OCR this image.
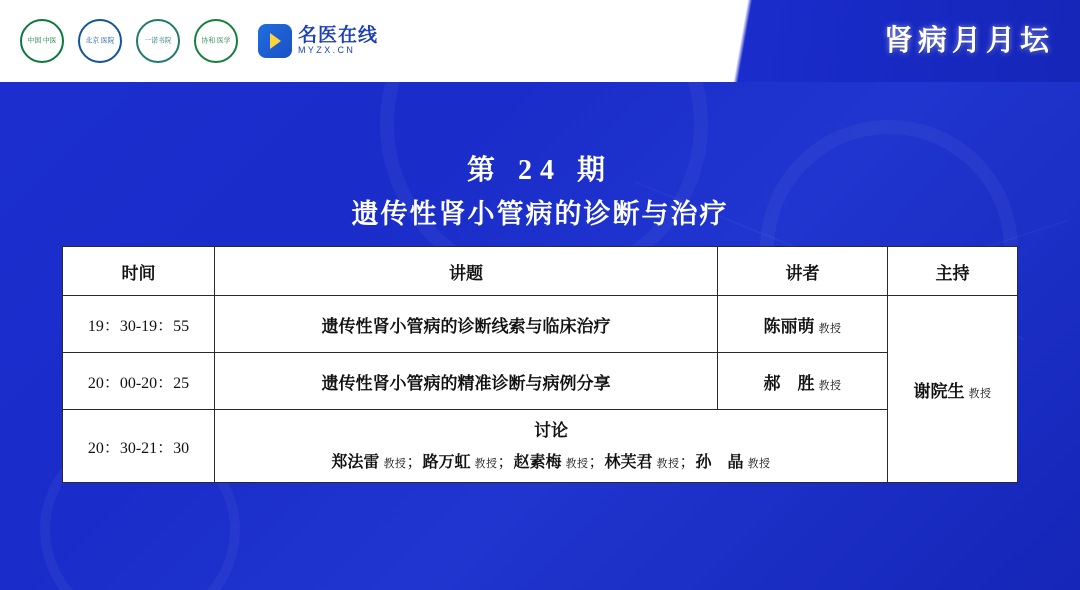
中国 中医	北京 医院	一诺书院	协和 医学	名医在线
MYZX.CN	肾病月月坛
第 24 期
遗传性肾小管病的诊断与治疗
时间	讲题	讲者	主持
19：30-19：55	遗传性肾小管病的诊断线索与临床治疗	陈丽萌 教授	谢院生 教授
20：00-20：25	遗传性肾小管病的精准诊断与病例分享	郝　胜 教授	
20：30-21：30	讨论
郑法雷 教授；路万虹 教授；赵素梅 教授；林芙君 教授；孙　晶 教授		
